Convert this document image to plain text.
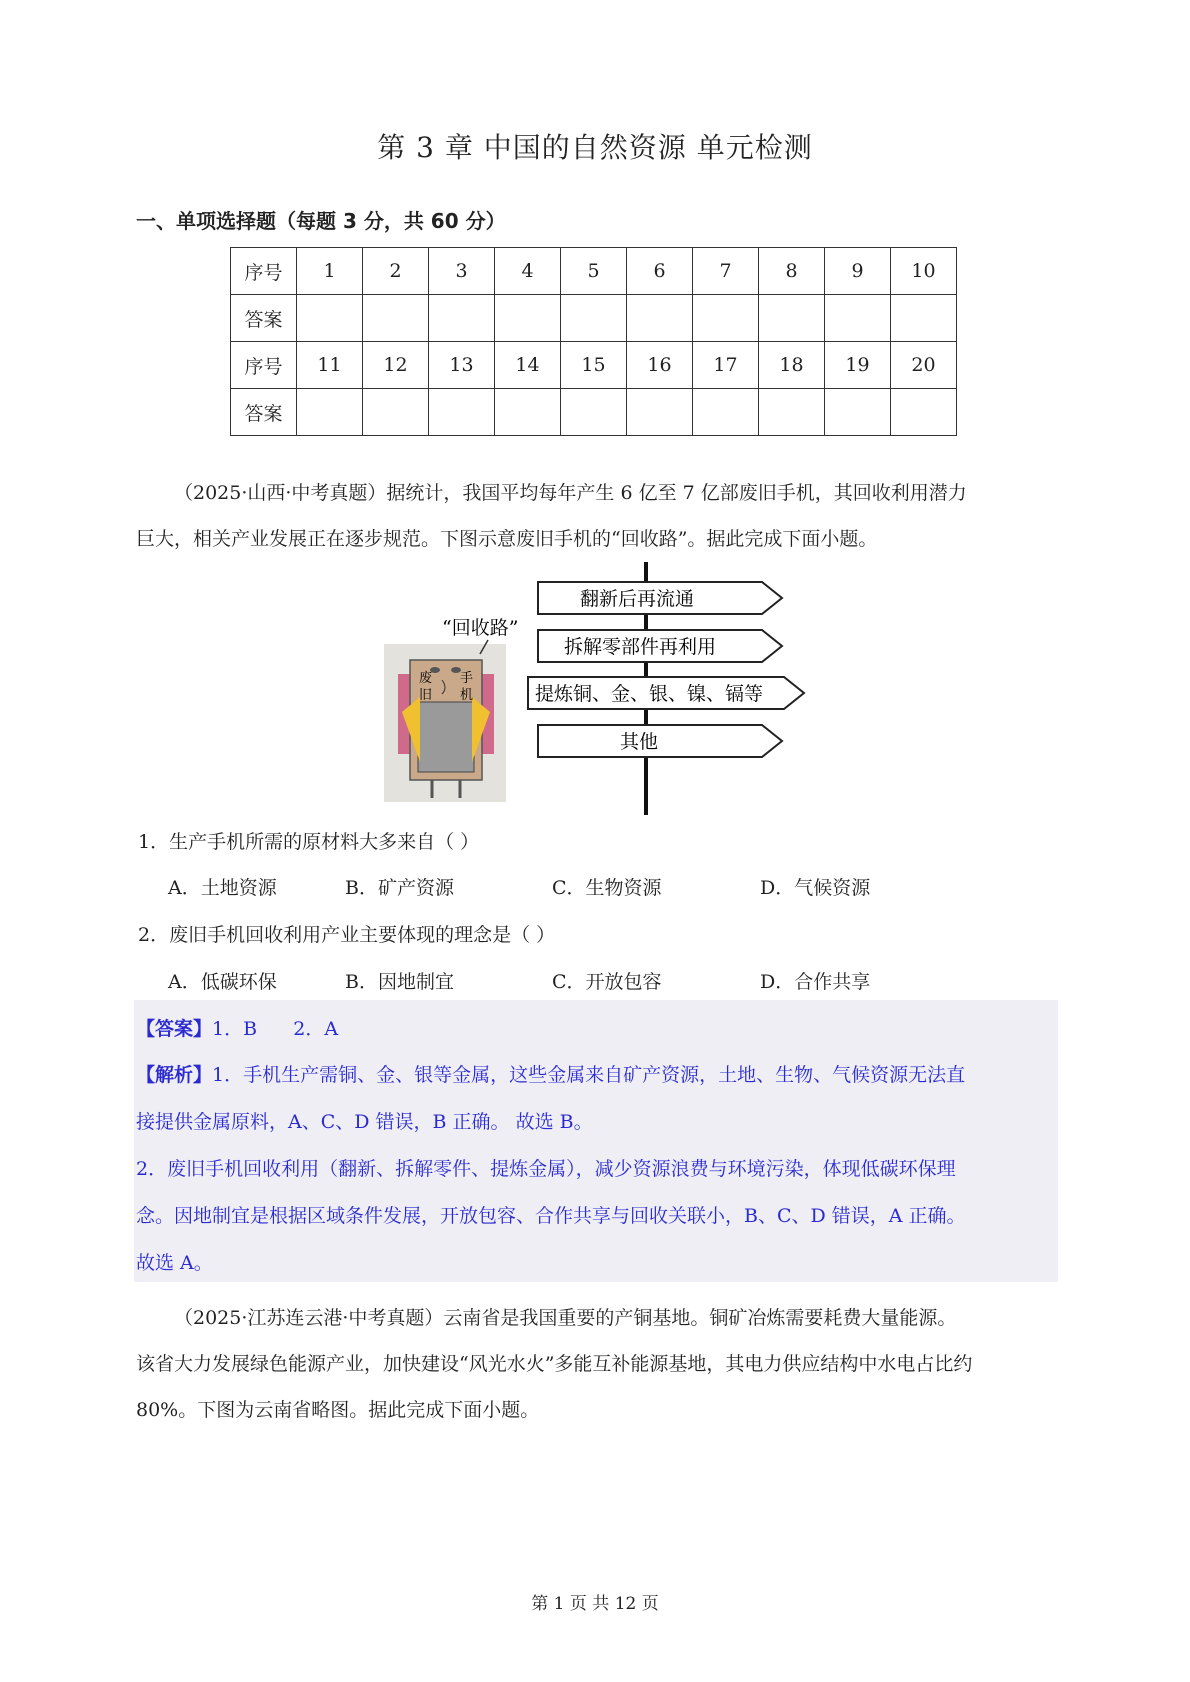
第 3 章 中国的自然资源 单元检测
一、单项选择题（每题 3 分，共 60 分）
序号	1	2	3	4	5	6	7	8	9	10
答案										
序号	11	12	13	14	15	16	17	18	19	20
答案										
（2025·山西·中考真题）据统计，我国平均每年产生 6 亿至 7 亿部废旧手机，其回收利用潜力
巨大，相关产业发展正在逐步规范。下图示意废旧手机的“回收路”。据此完成下面小题。
废
旧
手
机
“回收路”
翻新后再流通
拆解零部件再利用
提炼铜、金、银、镍、镉等
其他
1．生产手机所需的原材料大多来自（ ）
A．土地资源	B．矿产资源	C．生物资源	D．气候资源
2．废旧手机回收利用产业主要体现的理念是（ ）
A．低碳环保	B．因地制宜	C．开放包容	D．合作共享
【答案】1．B      2．A
【解析】1．手机生产需铜、金、银等金属，这些金属来自矿产资源，土地、生物、气候资源无法直
接提供金属原料，A、C、D 错误，B 正确。 故选 B。
2．废旧手机回收利用（翻新、拆解零件、提炼金属），减少资源浪费与环境污染，体现低碳环保理
念。因地制宜是根据区域条件发展，开放包容、合作共享与回收关联小，B、C、D 错误，A 正确。
故选 A。
（2025·江苏连云港·中考真题）云南省是我国重要的产铜基地。铜矿冶炼需要耗费大量能源。
该省大力发展绿色能源产业，加快建设“风光水火”多能互补能源基地，其电力供应结构中水电占比约
80%。下图为云南省略图。据此完成下面小题。
第 1 页 共 12 页
